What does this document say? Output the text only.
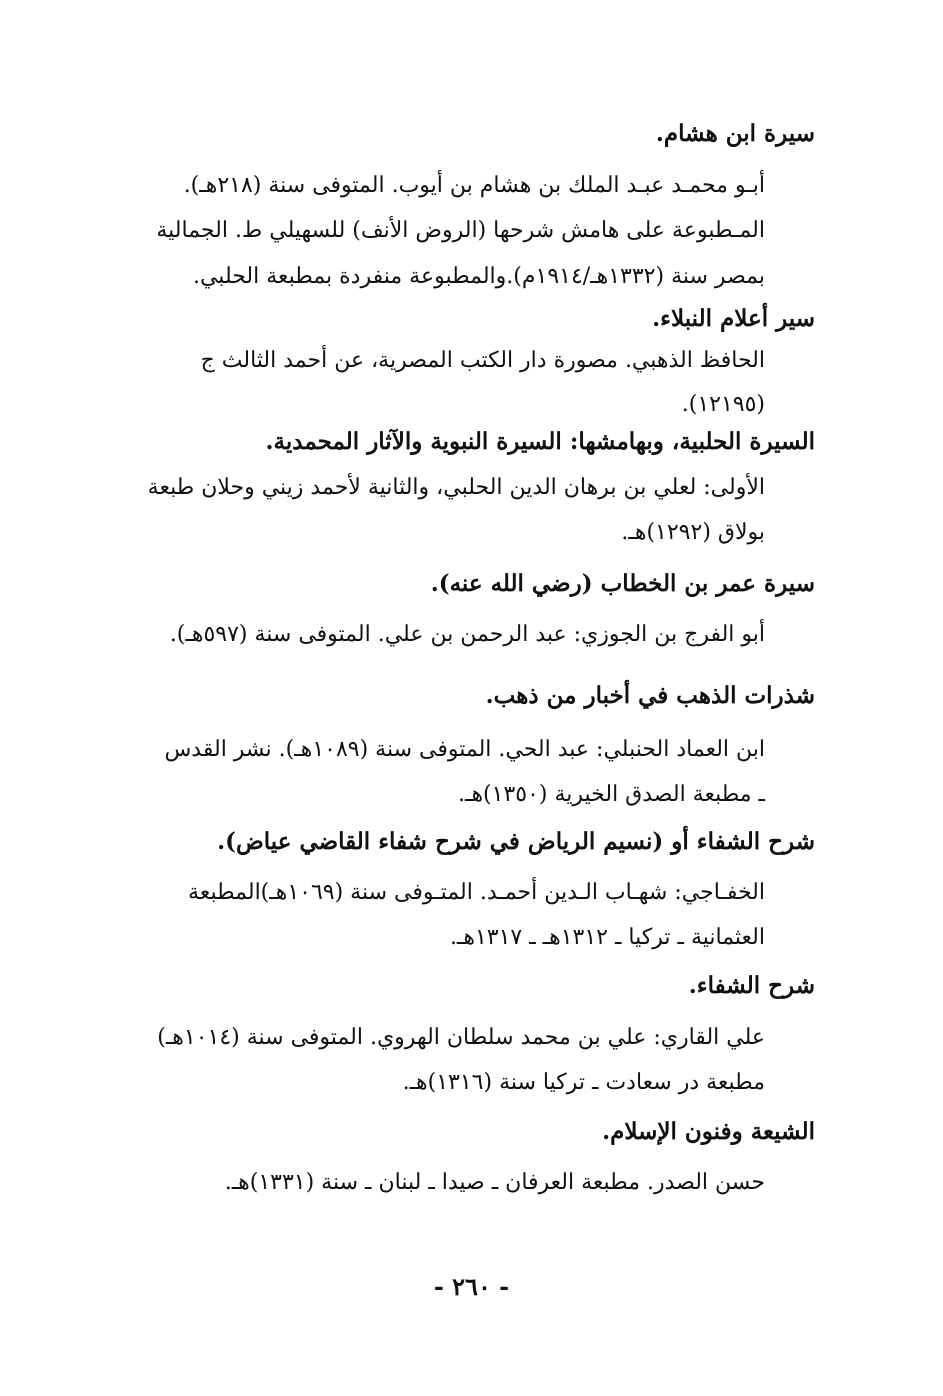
سيرة ابن هشام.
أبـو محمـد عبـد الملك بن هشام بن أيوب. المتوفى سنة (٢١٨هـ).
المـطبوعة على هامش شرحها (الروض الأنف) للسهيلي ط. الجمالية
بمصر سنة (١٣٣٢هـ/١٩١٤م).والمطبوعة منفردة بمطبعة الحلبي.
سير أعلام النبلاء.
الحافظ الذهبي. مصورة دار الكتب المصرية، عن أحمد الثالث ج
(١٢١٩٥).
السيرة الحلبية، وبهامشها: السيرة النبوية والآثار المحمدية.
الأولى: لعلي بن برهان الدين الحلبي، والثانية لأحمد زيني وحلان طبعة
بولاق (١٢٩٢)هـ.
سيرة عمر بن الخطاب (رضي الله عنه).
أبو الفرج بن الجوزي: عبد الرحمن بن علي. المتوفى سنة (٥٩٧هـ).
شذرات الذهب في أخبار من ذهب.
ابن العماد الحنبلي: عبد الحي. المتوفى سنة (١٠٨٩هـ). نشر القدس
ـ مطبعة الصدق الخيرية (١٣٥٠)هـ.
شرح الشفاء أو (نسيم الرياض في شرح شفاء القاضي عياض).
الخفـاجي: شهـاب الـدين أحمـد. المتـوفى سنة (١٠٦٩هـ)المطبعة
العثمانية ـ تركيا ـ ١٣١٢هـ ـ ١٣١٧هـ.
شرح الشفاء.
علي القاري: علي بن محمد سلطان الهروي. المتوفى سنة (١٠١٤هـ)
مطبعة در سعادت ـ تركيا سنة (١٣١٦)هـ.
الشيعة وفنون الإسلام.
حسن الصدر. مطبعة العرفان ـ صيدا ـ لبنان ـ سنة (١٣٣١)هـ.
- ٢٦٠ -
